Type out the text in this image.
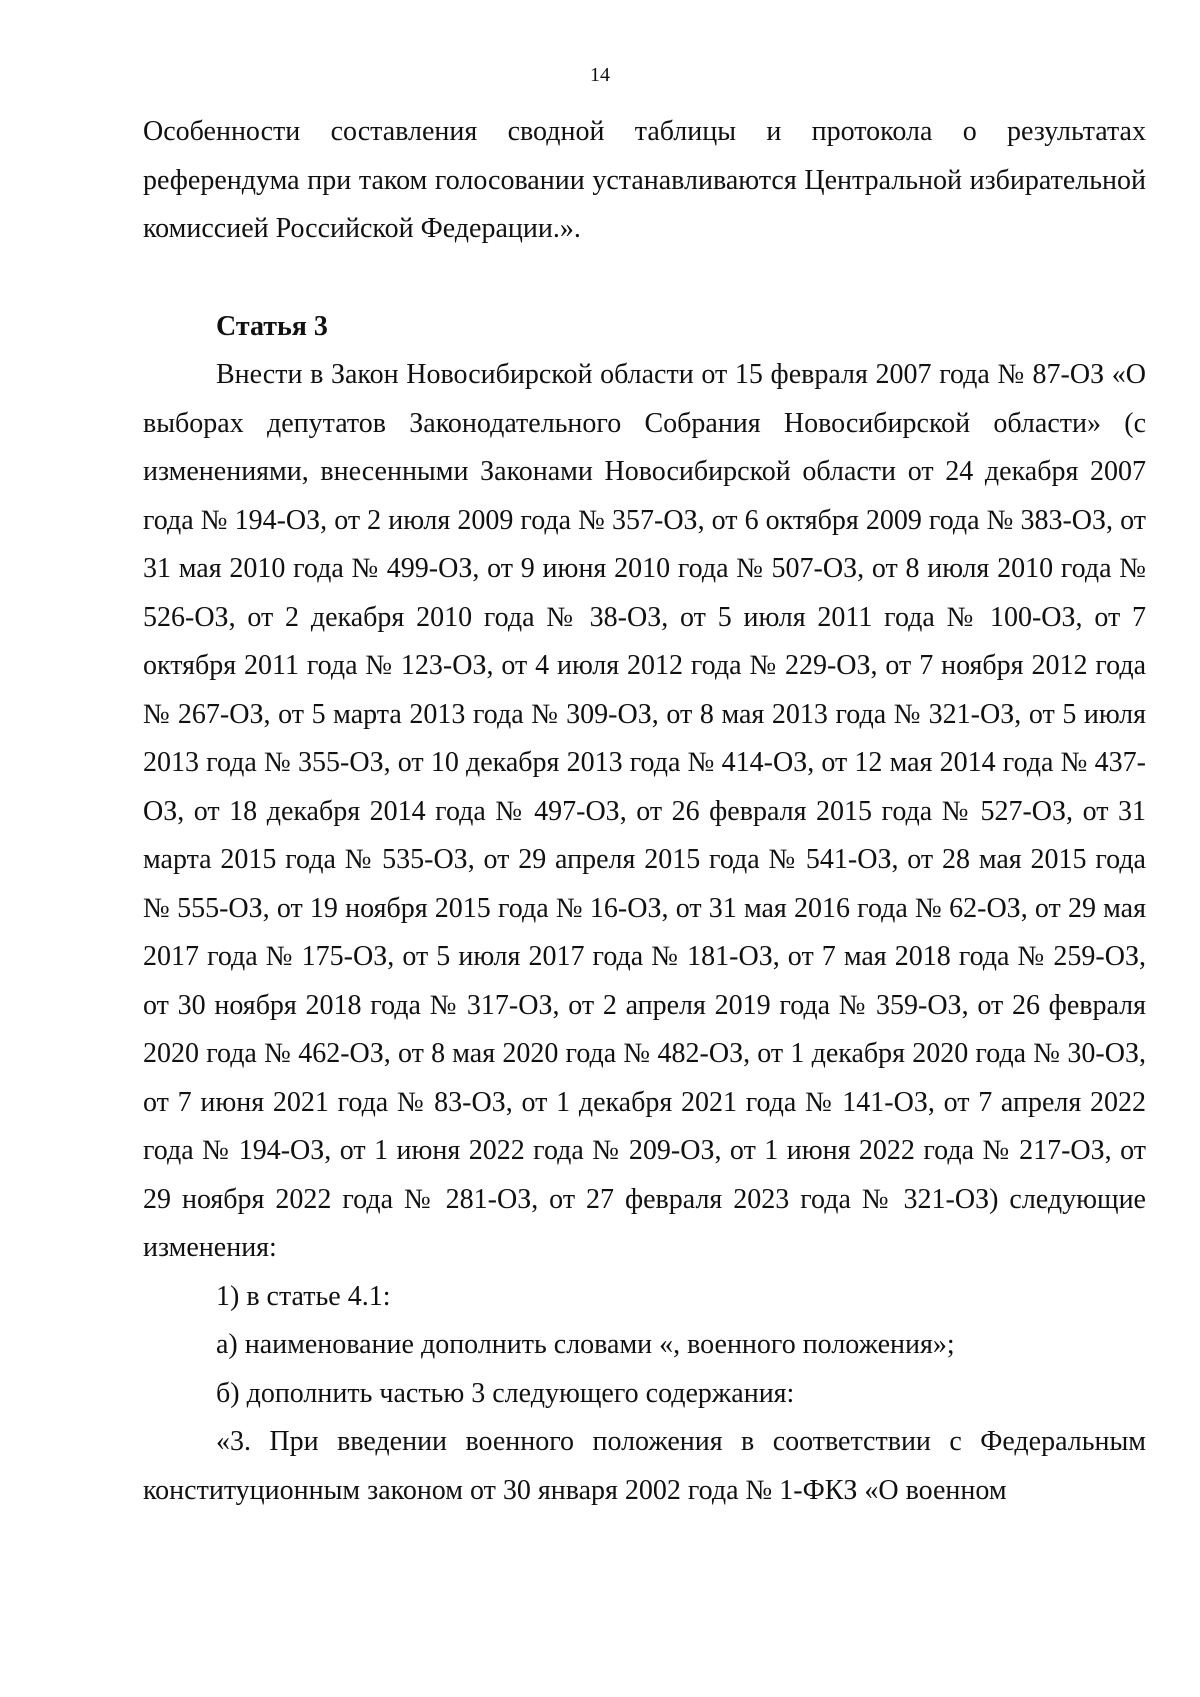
14

Особенности составления сводной таблицы и протокола о результатах референдума при таком голосовании устанавливаются Центральной избирательной комиссией Российской Федерации.».

Статья 3

Внести в Закон Новосибирской области от 15 февраля 2007 года № 87-ОЗ «О выборах депутатов Законодательного Собрания Новосибирской области» (с изменениями, внесенными Законами Новосибирской области от 24 декабря 2007 года № 194-ОЗ, от 2 июля 2009 года № 357-ОЗ, от 6 октября 2009 года № 383-ОЗ, от 31 мая 2010 года № 499-ОЗ, от 9 июня 2010 года № 507-ОЗ, от 8 июля 2010 года № 526-ОЗ, от 2 декабря 2010 года № 38-ОЗ, от 5 июля 2011 года № 100-ОЗ, от 7 октября 2011 года № 123-ОЗ, от 4 июля 2012 года № 229-ОЗ, от 7 ноября 2012 года № 267-ОЗ, от 5 марта 2013 года № 309-ОЗ, от 8 мая 2013 года № 321-ОЗ, от 5 июля 2013 года № 355-ОЗ, от 10 декабря 2013 года № 414-ОЗ, от 12 мая 2014 года № 437-ОЗ, от 18 декабря 2014 года № 497-ОЗ, от 26 февраля 2015 года № 527-ОЗ, от 31 марта 2015 года № 535-ОЗ, от 29 апреля 2015 года № 541-ОЗ, от 28 мая 2015 года № 555-ОЗ, от 19 ноября 2015 года № 16-ОЗ, от 31 мая 2016 года № 62-ОЗ, от 29 мая 2017 года № 175-ОЗ, от 5 июля 2017 года № 181-ОЗ, от 7 мая 2018 года № 259-ОЗ, от 30 ноября 2018 года № 317-ОЗ, от 2 апреля 2019 года № 359-ОЗ, от 26 февраля 2020 года № 462-ОЗ, от 8 мая 2020 года № 482-ОЗ, от 1 декабря 2020 года № 30-ОЗ, от 7 июня 2021 года № 83-ОЗ, от 1 декабря 2021 года № 141-ОЗ, от 7 апреля 2022 года № 194-ОЗ, от 1 июня 2022 года № 209-ОЗ, от 1 июня 2022 года № 217-ОЗ, от 29 ноября 2022 года № 281-ОЗ, от 27 февраля 2023 года № 321-ОЗ) следующие изменения:

1) в статье 4.1:

а) наименование дополнить словами «, военного положения»;

б) дополнить частью 3 следующего содержания:

«3. При введении военного положения в соответствии с Федеральным конституционным законом от 30 января 2002 года № 1-ФКЗ «О военном
